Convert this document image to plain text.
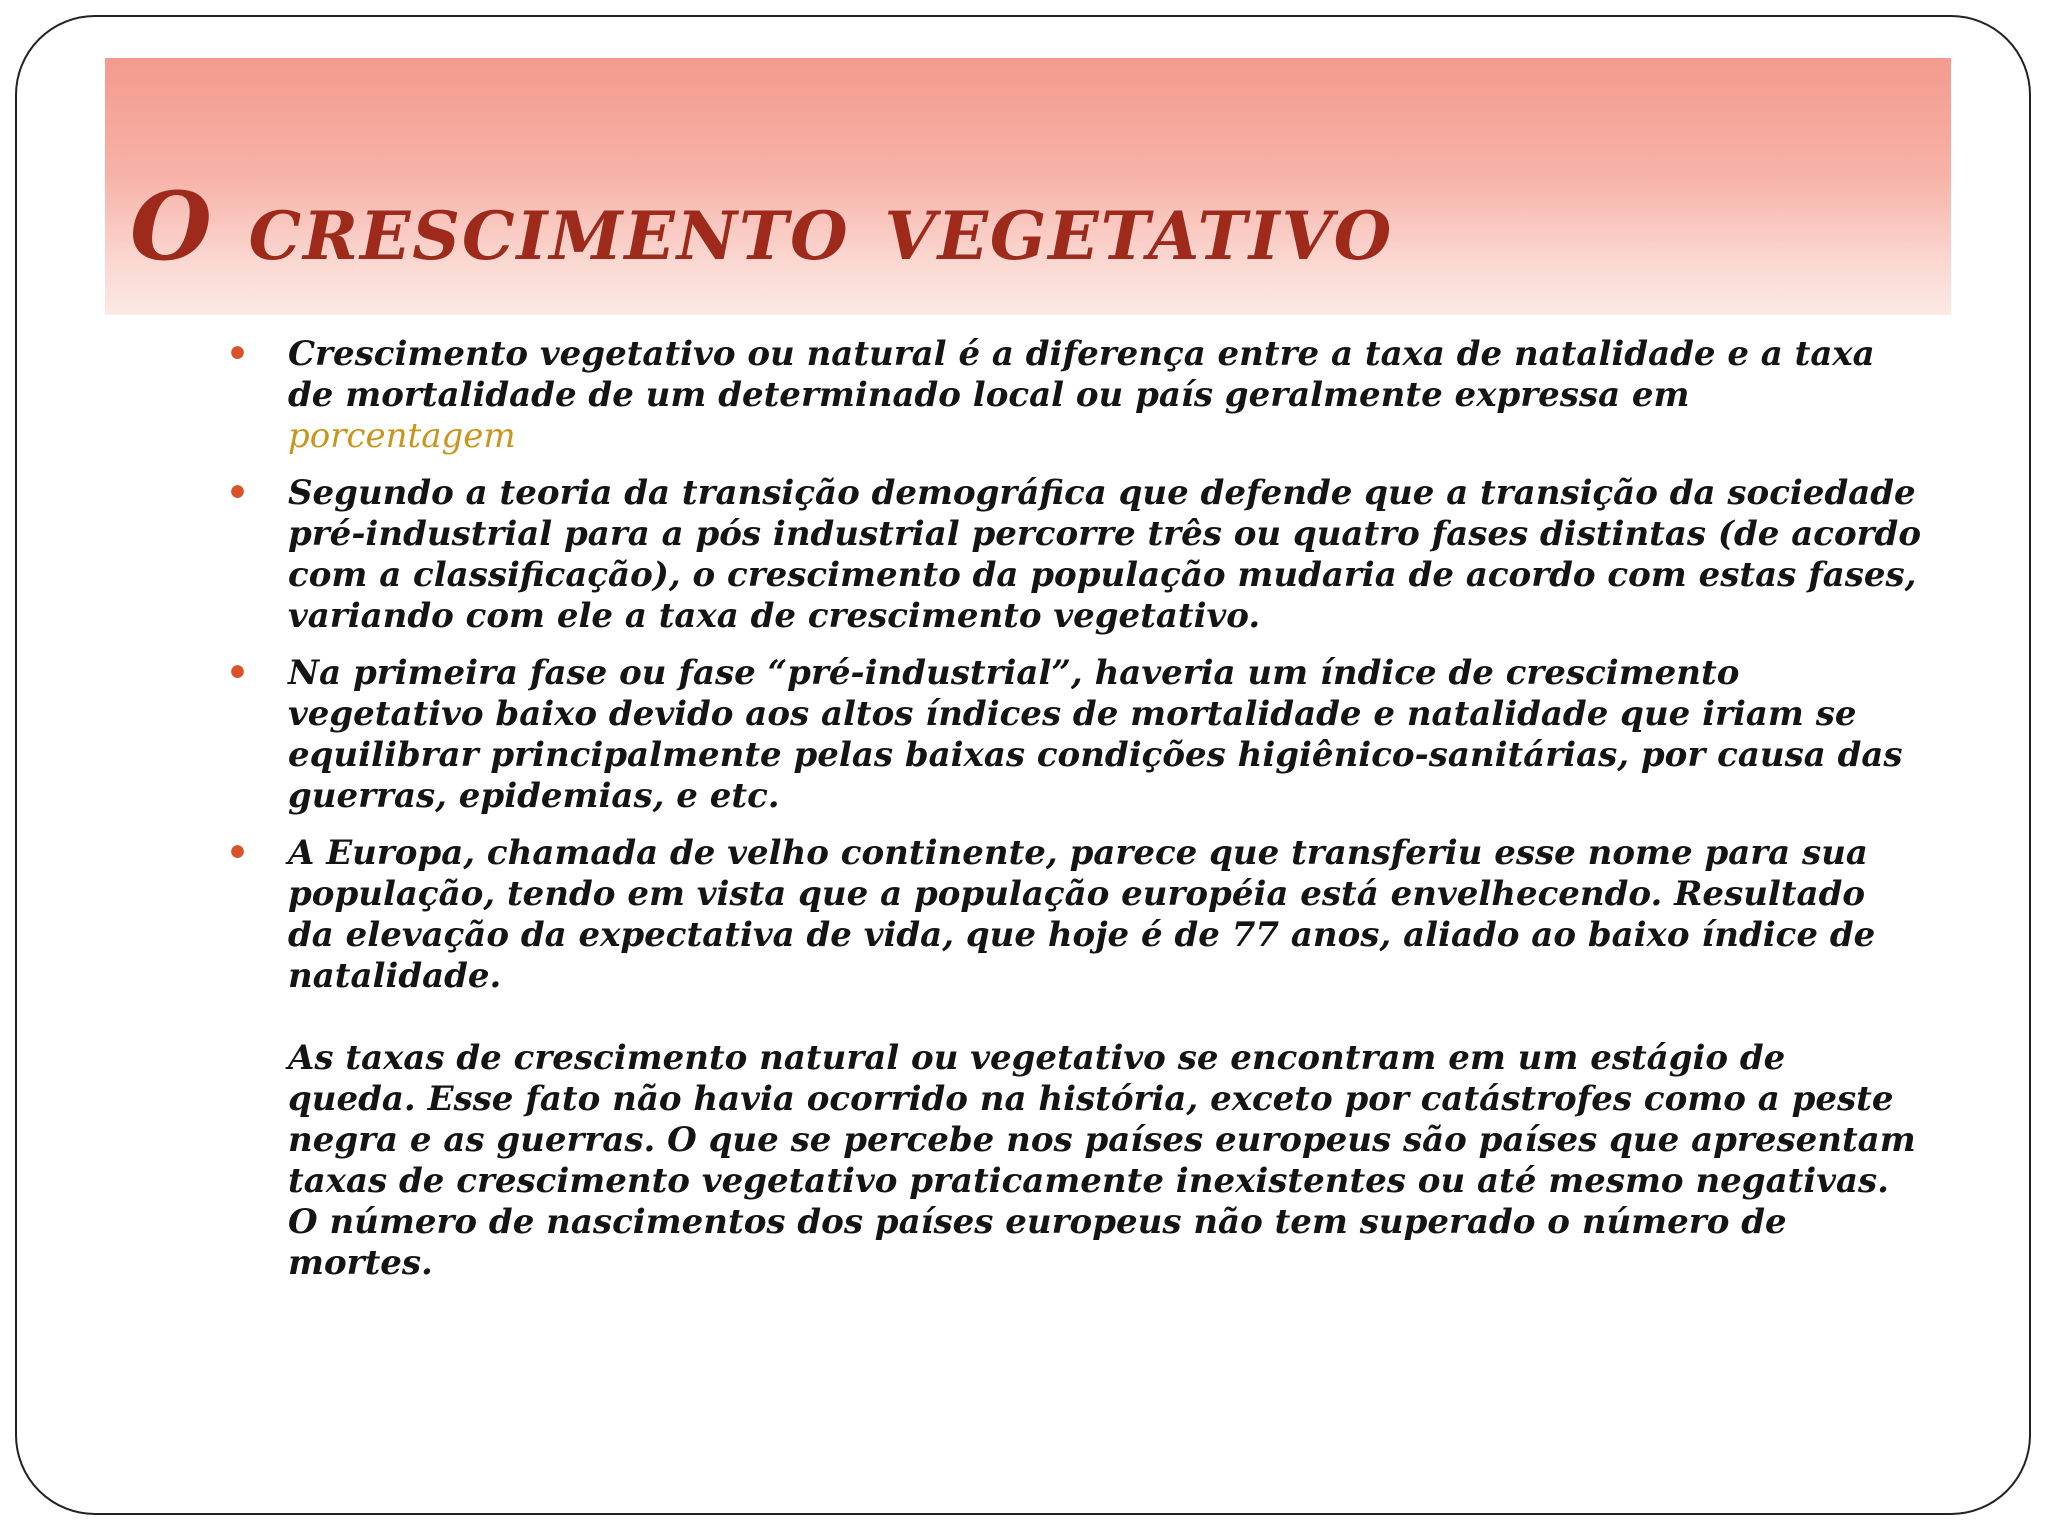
O crescimento vegetativo
• Crescimento vegetativo ou natural é a diferença entre a taxa de natalidade e a taxa de mortalidade de um determinado local ou país geralmente expressa em porcentagem
• Segundo a teoria da transição demográfica que defende que a transição da sociedade pré-industrial para a pós industrial percorre três ou quatro fases distintas (de acordo com a classificação), o crescimento da população mudaria de acordo com estas fases, variando com ele a taxa de crescimento vegetativo.
• Na primeira fase ou fase “pré-industrial”, haveria um índice de crescimento vegetativo baixo devido aos altos índices de mortalidade e natalidade que iriam se equilibrar principalmente pelas baixas condições higiênico-sanitárias, por causa das guerras, epidemias, e etc.
• A Europa, chamada de velho continente, parece que transferiu esse nome para sua população, tendo em vista que a população européia está envelhecendo. Resultado da elevação da expectativa de vida, que hoje é de 77 anos, aliado ao baixo índice de natalidade.
As taxas de crescimento natural ou vegetativo se encontram em um estágio de queda. Esse fato não havia ocorrido na história, exceto por catástrofes como a peste negra e as guerras. O que se percebe nos países europeus são países que apresentam taxas de crescimento vegetativo praticamente inexistentes ou até mesmo negativas. O número de nascimentos dos países europeus não tem superado o número de mortes.
